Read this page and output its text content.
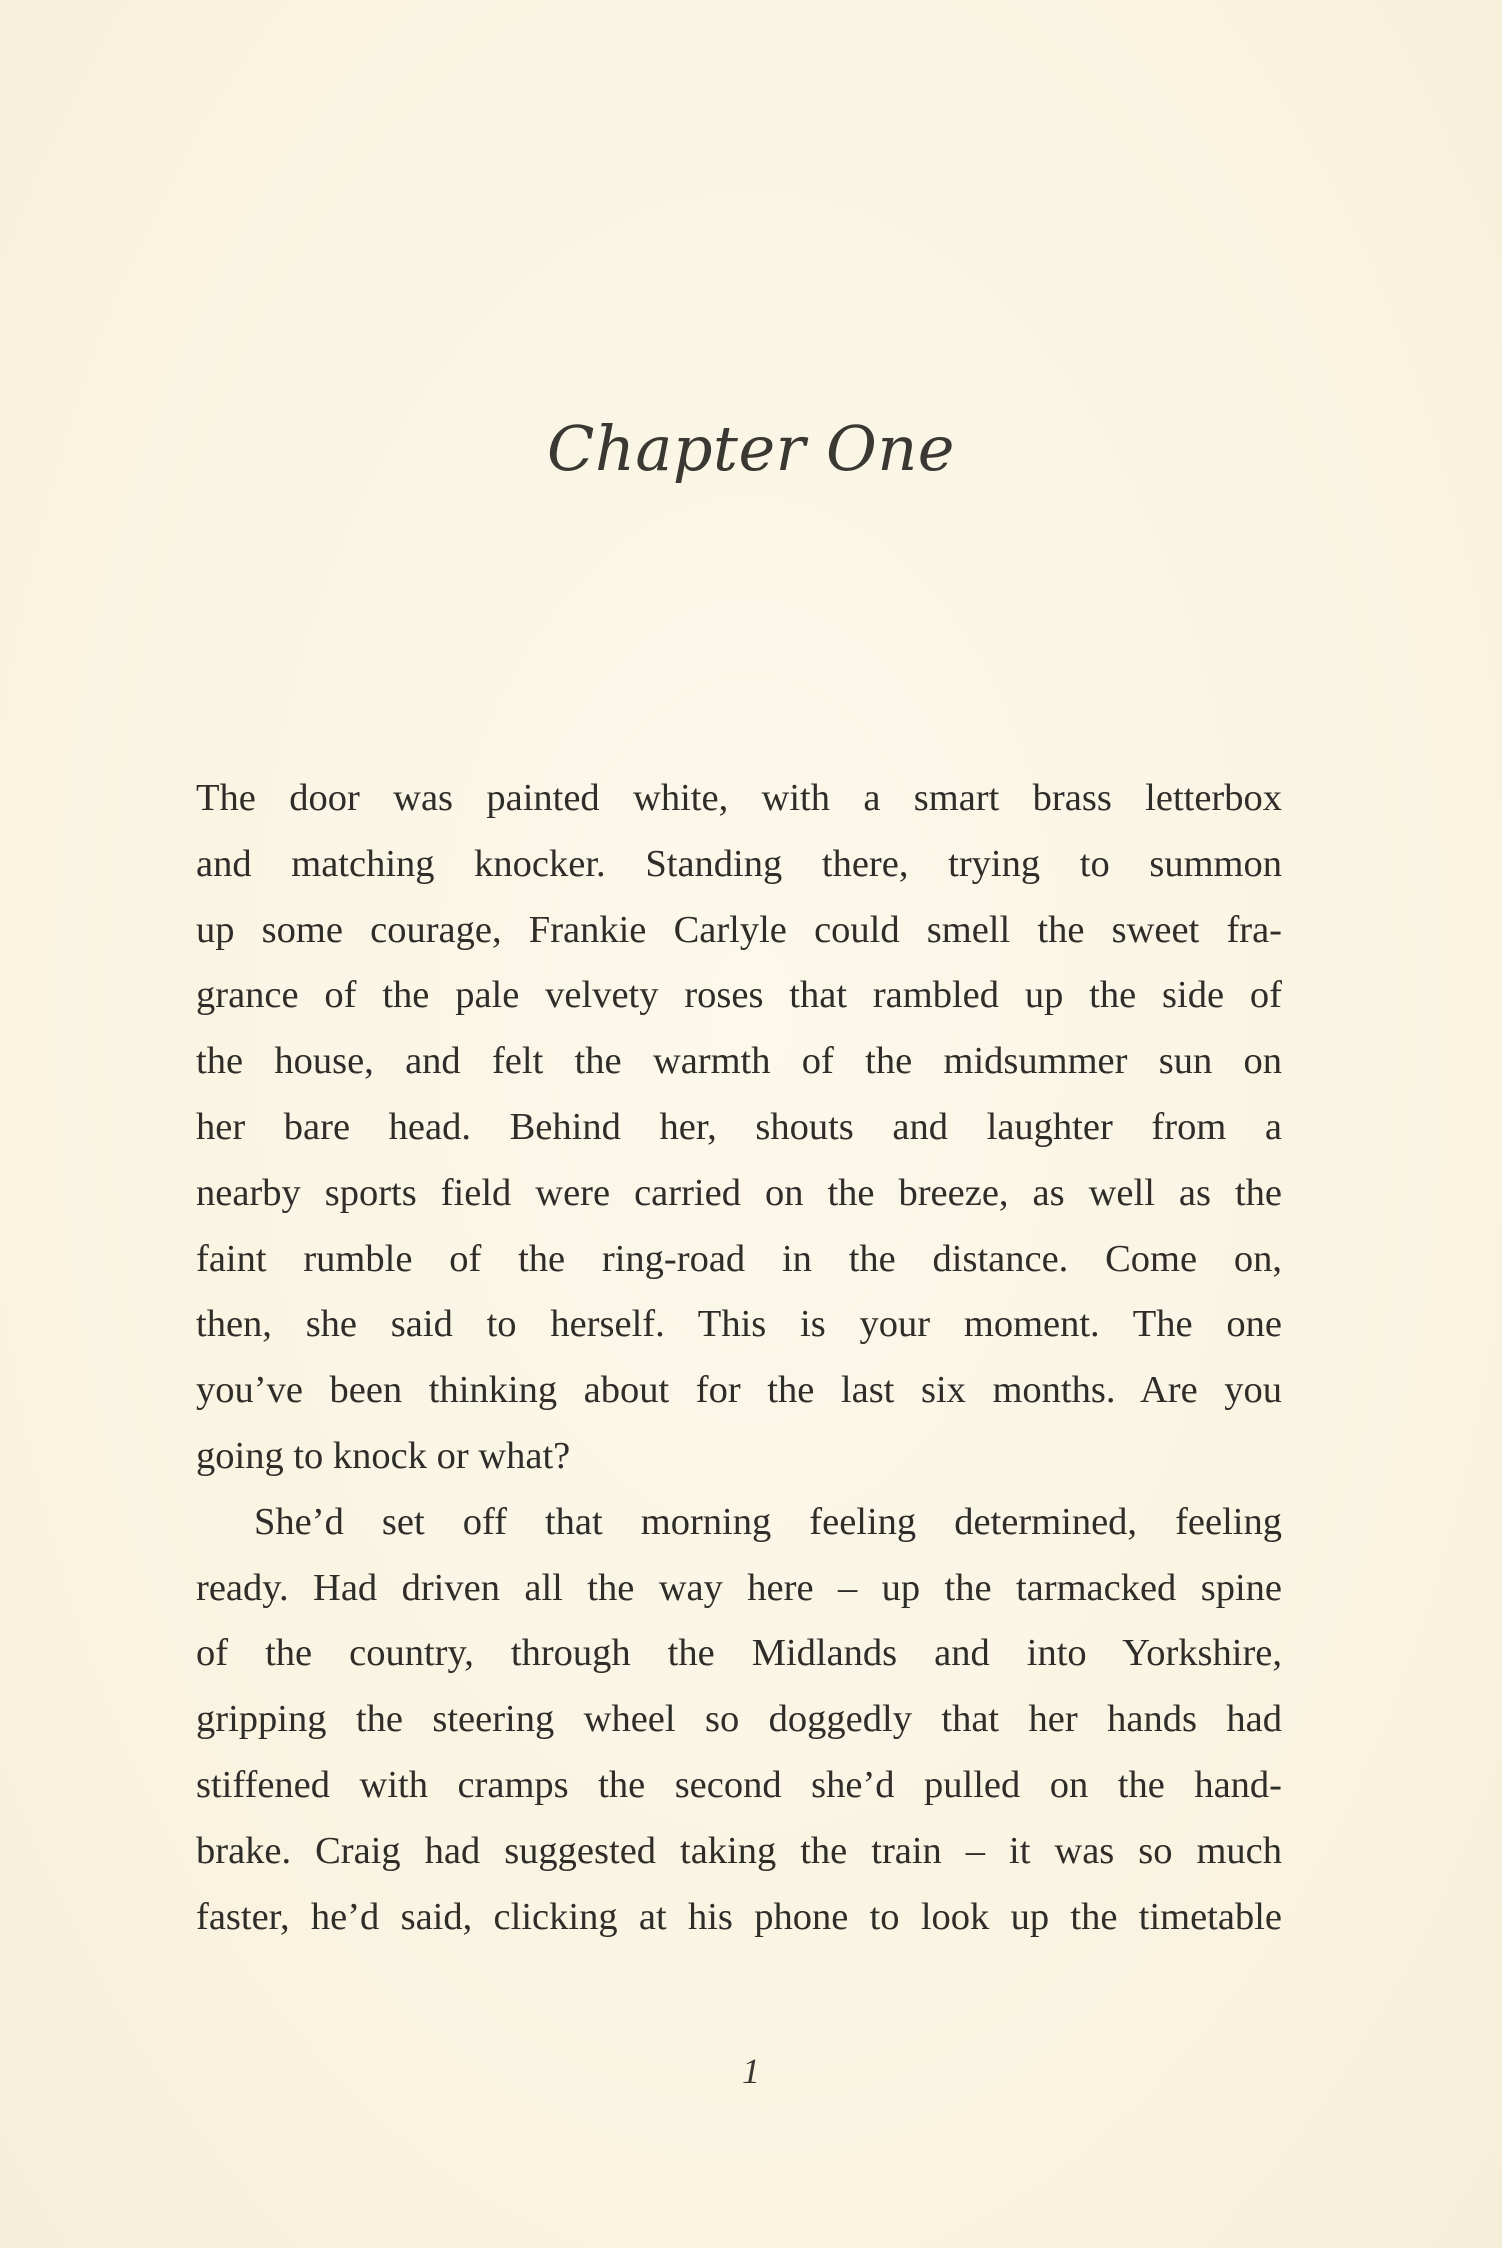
Chapter One
The door was painted white, with a smart brass letterbox
and matching knocker. Standing there, trying to summon
up some courage, Frankie Carlyle could smell the sweet fra-
grance of the pale velvety roses that rambled up the side of
the house, and felt the warmth of the midsummer sun on
her bare head. Behind her, shouts and laughter from a
nearby sports field were carried on the breeze, as well as the
faint rumble of the ring-road in the distance. Come on,
then, she said to herself. This is your moment. The one
you’ve been thinking about for the last six months. Are you
going to knock or what?
She’d set off that morning feeling determined, feeling
ready. Had driven all the way here – up the tarmacked spine
of the country, through the Midlands and into Yorkshire,
gripping the steering wheel so doggedly that her hands had
stiffened with cramps the second she’d pulled on the hand-
brake. Craig had suggested taking the train – it was so much
faster, he’d said, clicking at his phone to look up the timetable
1
